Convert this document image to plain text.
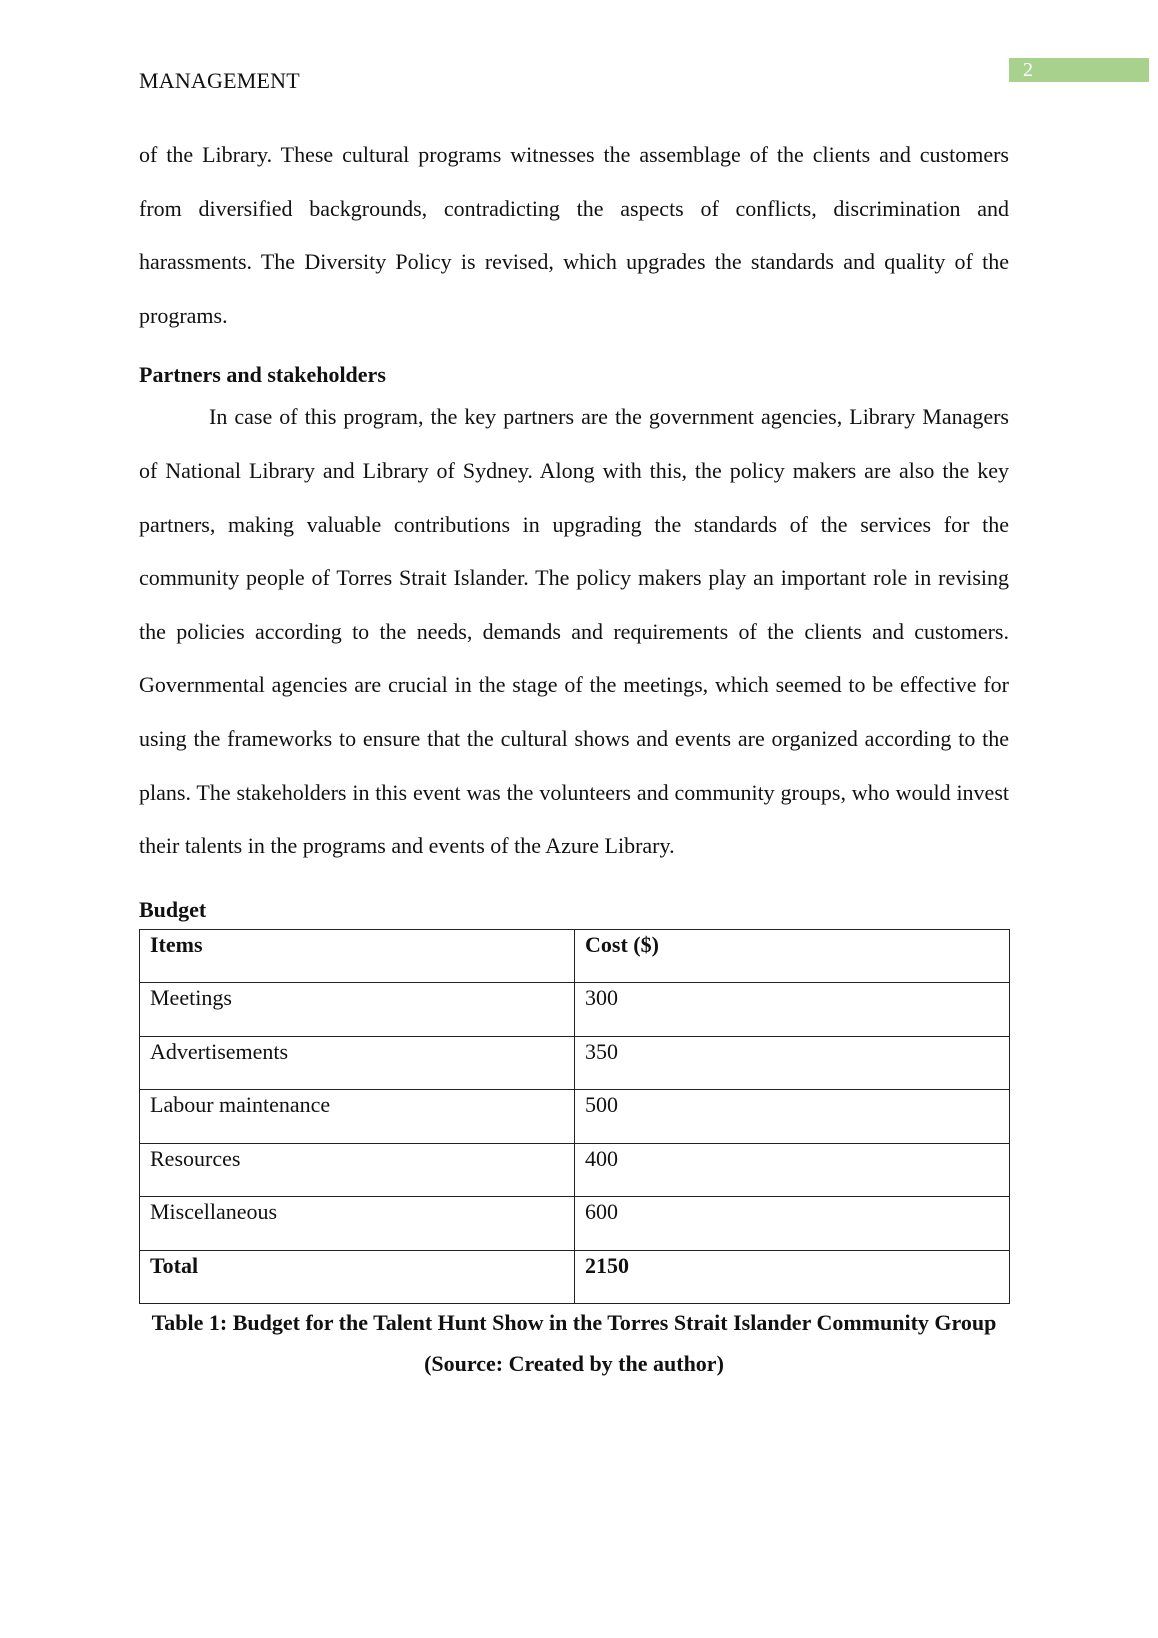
2
MANAGEMENT

of the Library. These cultural programs witnesses the assemblage of the clients and customers from diversified backgrounds, contradicting the aspects of conflicts, discrimination and harassments. The Diversity Policy is revised, which upgrades the standards and quality of the programs.

Partners and stakeholders

In case of this program, the key partners are the government agencies, Library Managers of National Library and Library of Sydney. Along with this, the policy makers are also the key partners, making valuable contributions in upgrading the standards of the services for the community people of Torres Strait Islander. The policy makers play an important role in revising the policies according to the needs, demands and requirements of the clients and customers. Governmental agencies are crucial in the stage of the meetings, which seemed to be effective for using the frameworks to ensure that the cultural shows and events are organized according to the plans. The stakeholders in this event was the volunteers and community groups, who would invest their talents in the programs and events of the Azure Library.

Budget
Items	Cost ($)
Meetings	300
Advertisements	350
Labour maintenance	500
Resources	400
Miscellaneous	600
Total	2150

Table 1: Budget for the Talent Hunt Show in the Torres Strait Islander Community Group

(Source: Created by the author)
